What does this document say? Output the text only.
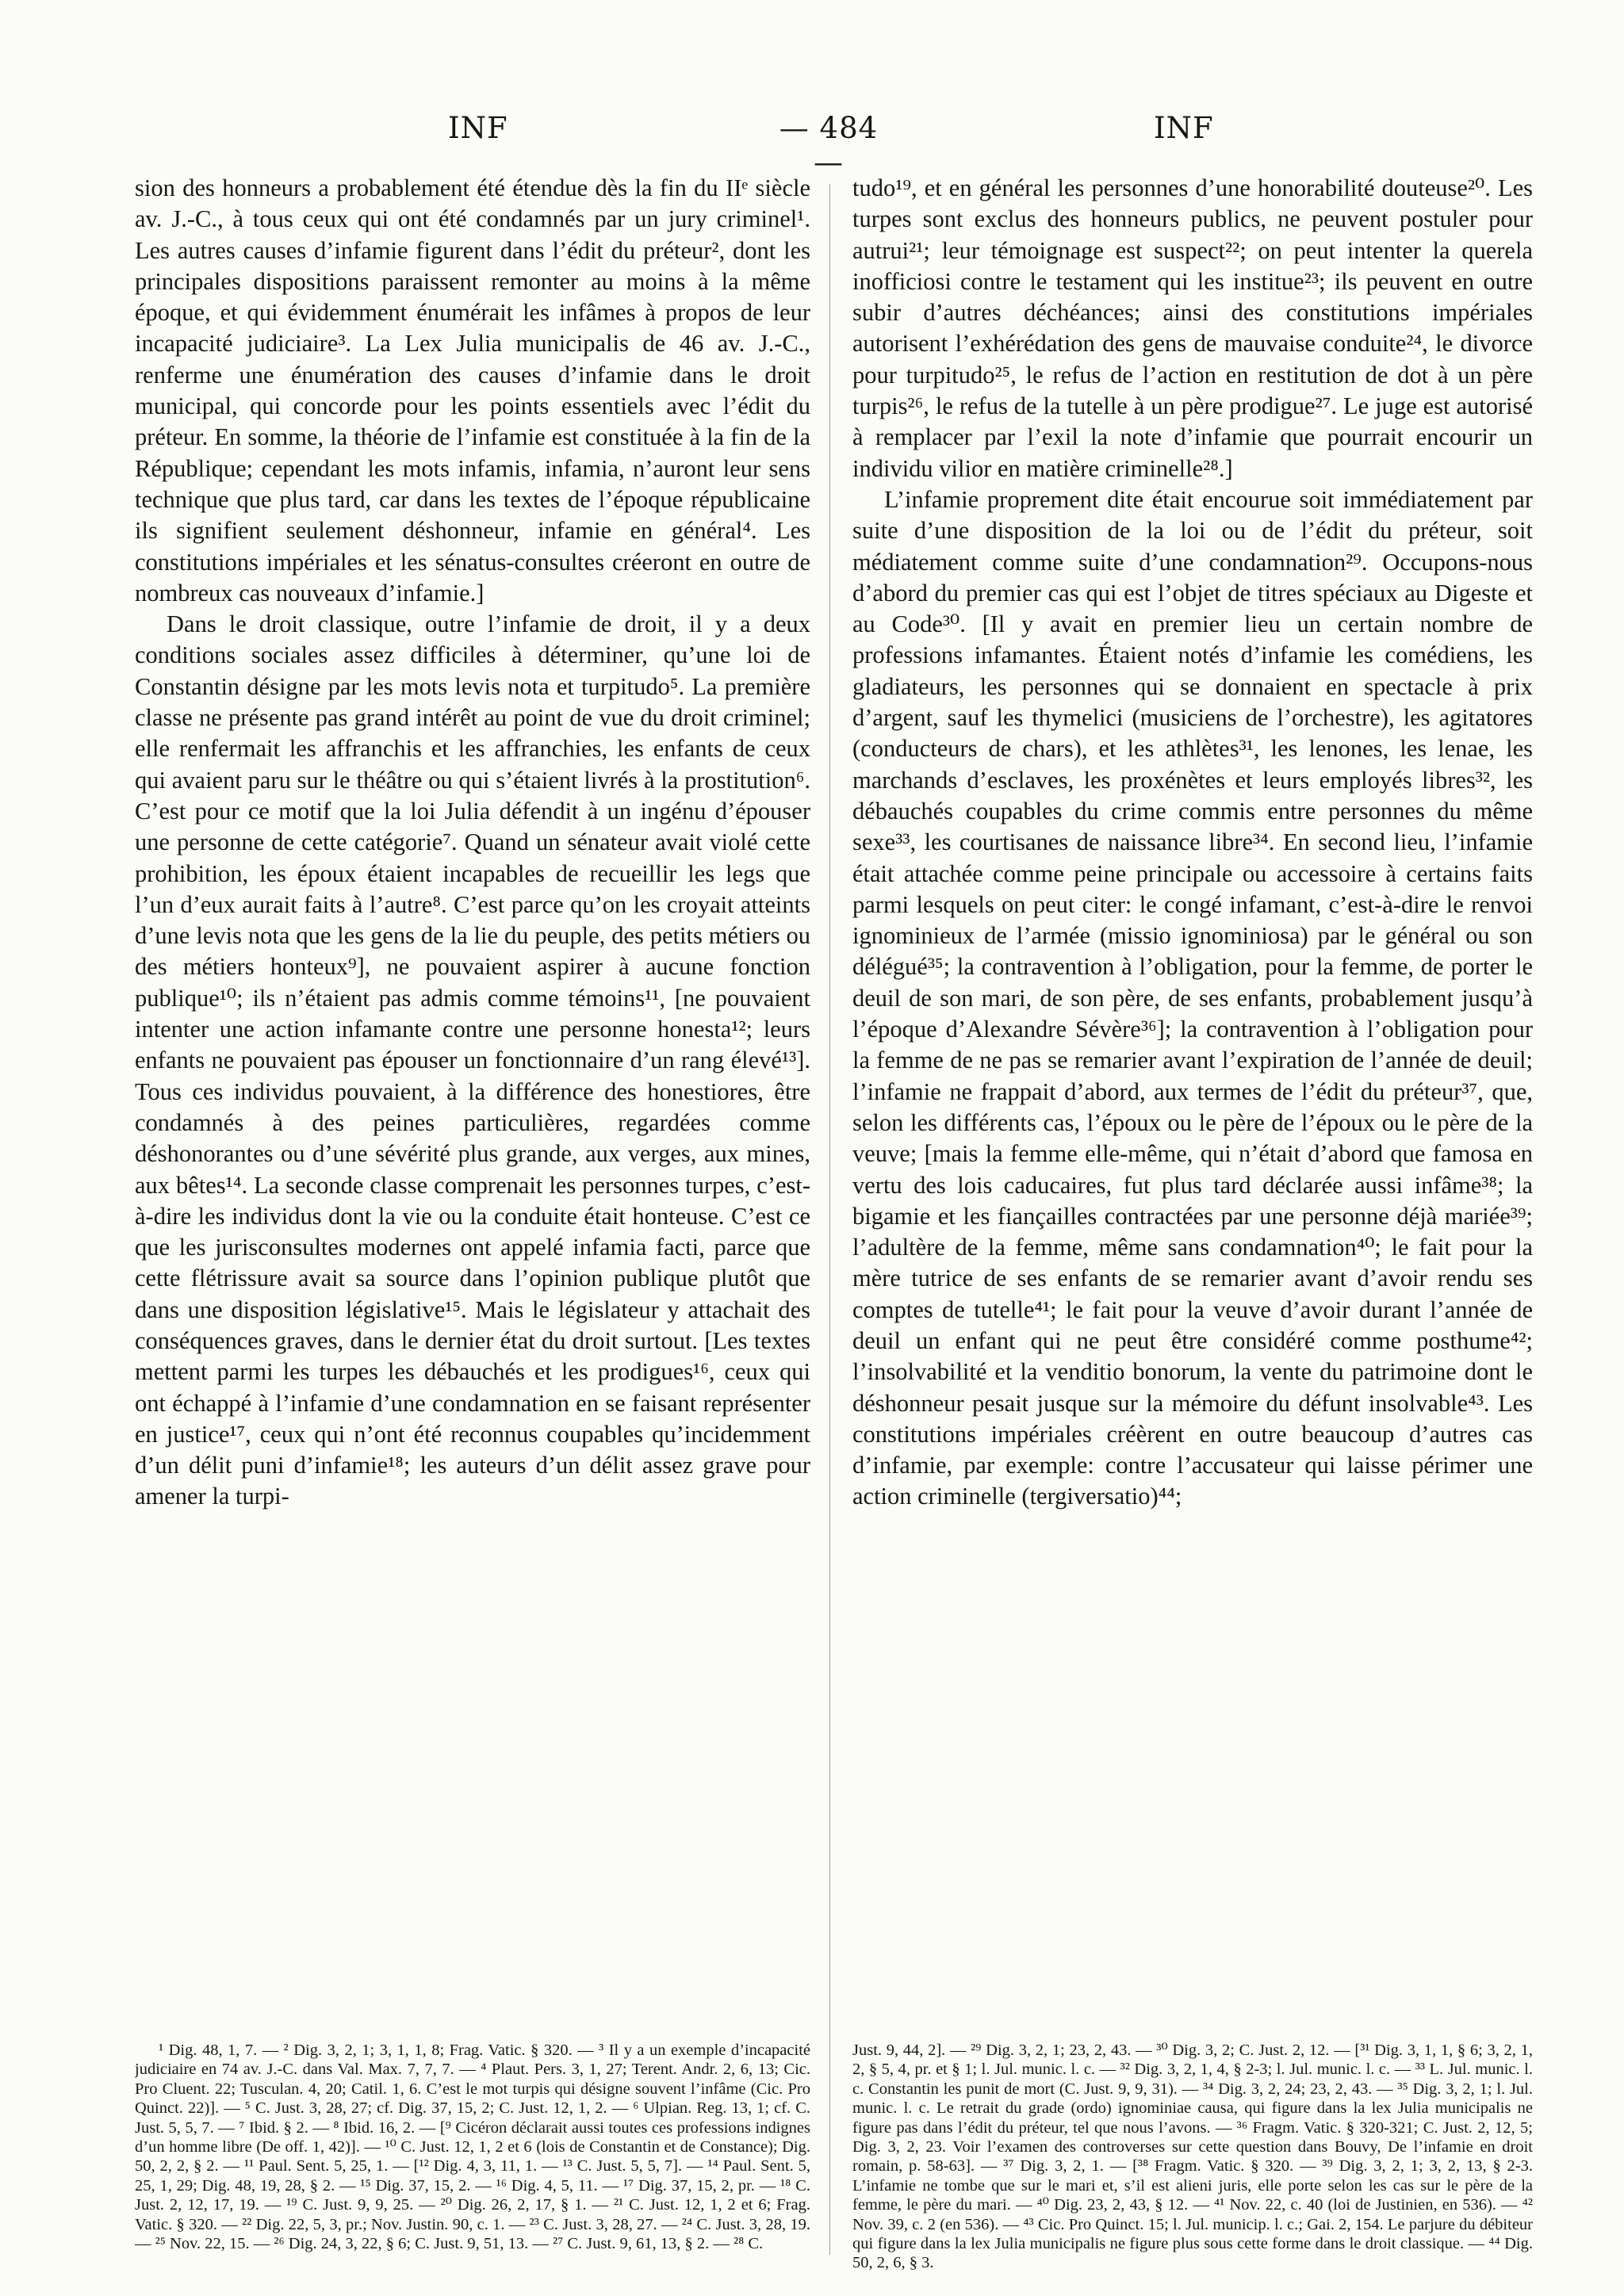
INF	— 484 —
INF

sion des honneurs a probablement été étendue dès la fin du IIᵉ siècle av. J.-C., à tous ceux qui ont été condamnés par un jury criminel¹. Les autres causes d’infamie figurent dans l’édit du préteur², dont les principales dispositions paraissent remonter au moins à la même époque, et qui évidemment énumérait les infâmes à propos de leur incapacité judiciaire³. La Lex Julia municipalis de 46 av. J.-C., renferme une énumération des causes d’infamie dans le droit municipal, qui concorde pour les points essentiels avec l’édit du préteur. En somme, la théorie de l’infamie est constituée à la fin de la République; cependant les mots infamis, infamia, n’auront leur sens technique que plus tard, car dans les textes de l’époque républicaine ils signifient seulement déshonneur, infamie en général⁴. Les constitutions impériales et les sénatus-consultes créeront en outre de nombreux cas nouveaux d’infamie.]

Dans le droit classique, outre l’infamie de droit, il y a deux conditions sociales assez difficiles à déterminer, qu’une loi de Constantin désigne par les mots levis nota et turpitudo⁵. La première classe ne présente pas grand intérêt au point de vue du droit criminel; elle renfermait les affranchis et les affranchies, les enfants de ceux qui avaient paru sur le théâtre ou qui s’étaient livrés à la prostitution⁶. C’est pour ce motif que la loi Julia défendit à un ingénu d’épouser une personne de cette catégorie⁷. Quand un sénateur avait violé cette prohibition, les époux étaient incapables de recueillir les legs que l’un d’eux aurait faits à l’autre⁸. C’est parce qu’on les croyait atteints d’une levis nota que les gens de la lie du peuple, des petits métiers ou des métiers honteux⁹], ne pouvaient aspirer à aucune fonction publique¹⁰; ils n’étaient pas admis comme témoins¹¹, [ne pouvaient intenter une action infamante contre une personne honesta¹²; leurs enfants ne pouvaient pas épouser un fonctionnaire d’un rang élevé¹³]. Tous ces individus pouvaient, à la différence des honestiores, être condamnés à des peines particulières, regardées comme déshonorantes ou d’une sévérité plus grande, aux verges, aux mines, aux bêtes¹⁴. La seconde classe comprenait les personnes turpes, c’est-à-dire les individus dont la vie ou la conduite était honteuse. C’est ce que les jurisconsultes modernes ont appelé infamia facti, parce que cette flétrissure avait sa source dans l’opinion publique plutôt que dans une disposition législative¹⁵. Mais le législateur y attachait des conséquences graves, dans le dernier état du droit surtout. [Les textes mettent parmi les turpes les débauchés et les prodigues¹⁶, ceux qui ont échappé à l’infamie d’une condamnation en se faisant représenter en justice¹⁷, ceux qui n’ont été reconnus coupables qu’incidemment d’un délit puni d’infamie¹⁸; les auteurs d’un délit assez grave pour amener la turpi-

tudo¹⁹, et en général les personnes d’une honorabilité douteuse²⁰. Les turpes sont exclus des honneurs publics, ne peuvent postuler pour autrui²¹; leur témoignage est suspect²²; on peut intenter la querela inofficiosi contre le testament qui les institue²³; ils peuvent en outre subir d’autres déchéances; ainsi des constitutions impériales autorisent l’exhérédation des gens de mauvaise conduite²⁴, le divorce pour turpitudo²⁵, le refus de l’action en restitution de dot à un père turpis²⁶, le refus de la tutelle à un père prodigue²⁷. Le juge est autorisé à remplacer par l’exil la note d’infamie que pourrait encourir un individu vilior en matière criminelle²⁸.]

L’infamie proprement dite était encourue soit immédiatement par suite d’une disposition de la loi ou de l’édit du préteur, soit médiatement comme suite d’une condamnation²⁹. Occupons-nous d’abord du premier cas qui est l’objet de titres spéciaux au Digeste et au Code³⁰. [Il y avait en premier lieu un certain nombre de professions infamantes. Étaient notés d’infamie les comédiens, les gladiateurs, les personnes qui se donnaient en spectacle à prix d’argent, sauf les thymelici (musiciens de l’orchestre), les agitatores (conducteurs de chars), et les athlètes³¹, les lenones, les lenae, les marchands d’esclaves, les proxénètes et leurs employés libres³², les débauchés coupables du crime commis entre personnes du même sexe³³, les courtisanes de naissance libre³⁴. En second lieu, l’infamie était attachée comme peine principale ou accessoire à certains faits parmi lesquels on peut citer: le congé infamant, c’est-à-dire le renvoi ignominieux de l’armée (missio ignominiosa) par le général ou son délégué³⁵; la contravention à l’obligation, pour la femme, de porter le deuil de son mari, de son père, de ses enfants, probablement jusqu’à l’époque d’Alexandre Sévère³⁶]; la contravention à l’obligation pour la femme de ne pas se remarier avant l’expiration de l’année de deuil; l’infamie ne frappait d’abord, aux termes de l’édit du préteur³⁷, que, selon les différents cas, l’époux ou le père de l’époux ou le père de la veuve; [mais la femme elle-même, qui n’était d’abord que famosa en vertu des lois caducaires, fut plus tard déclarée aussi infâme³⁸; la bigamie et les fiançailles contractées par une personne déjà mariée³⁹; l’adultère de la femme, même sans condamnation⁴⁰; le fait pour la mère tutrice de ses enfants de se remarier avant d’avoir rendu ses comptes de tutelle⁴¹; le fait pour la veuve d’avoir durant l’année de deuil un enfant qui ne peut être considéré comme posthume⁴²; l’insolvabilité et la venditio bonorum, la vente du patrimoine dont le déshonneur pesait jusque sur la mémoire du défunt insolvable⁴³. Les constitutions impériales créèrent en outre beaucoup d’autres cas d’infamie, par exemple: contre l’accusateur qui laisse périmer une action criminelle (tergiversatio)⁴⁴;

¹ Dig. 48, 1, 7. — ² Dig. 3, 2, 1; 3, 1, 1, 8; Frag. Vatic. § 320. — ³ Il y a un exemple d’incapacité judiciaire en 74 av. J.-C. dans Val. Max. 7, 7, 7. — ⁴ Plaut. Pers. 3, 1, 27; Terent. Andr. 2, 6, 13; Cic. Pro Cluent. 22; Tusculan. 4, 20; Catil. 1, 6. C’est le mot turpis qui désigne souvent l’infâme (Cic. Pro Quinct. 22)]. — ⁵ C. Just. 3, 28, 27; cf. Dig. 37, 15, 2; C. Just. 12, 1, 2. — ⁶ Ulpian. Reg. 13, 1; cf. C. Just. 5, 5, 7. — ⁷ Ibid. § 2. — ⁸ Ibid. 16, 2. — [⁹ Cicéron déclarait aussi toutes ces professions indignes d’un homme libre (De off. 1, 42)]. — ¹⁰ C. Just. 12, 1, 2 et 6 (lois de Constantin et de Constance); Dig. 50, 2, 2, § 2. — ¹¹ Paul. Sent. 5, 25, 1. — [¹² Dig. 4, 3, 11, 1. — ¹³ C. Just. 5, 5, 7]. — ¹⁴ Paul. Sent. 5, 25, 1, 29; Dig. 48, 19, 28, § 2. — ¹⁵ Dig. 37, 15, 2. — ¹⁶ Dig. 4, 5, 11. — ¹⁷ Dig. 37, 15, 2, pr. — ¹⁸ C. Just. 2, 12, 17, 19. — ¹⁹ C. Just. 9, 9, 25. — ²⁰ Dig. 26, 2, 17, § 1. — ²¹ C. Just. 12, 1, 2 et 6; Frag. Vatic. § 320. — ²² Dig. 22, 5, 3, pr.; Nov. Justin. 90, c. 1. — ²³ C. Just. 3, 28, 27. — ²⁴ C. Just. 3, 28, 19. — ²⁵ Nov. 22, 15. — ²⁶ Dig. 24, 3, 22, § 6; C. Just. 9, 51, 13. — ²⁷ C. Just. 9, 61, 13, § 2. — ²⁸ C.

Just. 9, 44, 2]. — ²⁹ Dig. 3, 2, 1; 23, 2, 43. — ³⁰ Dig. 3, 2; C. Just. 2, 12. — [³¹ Dig. 3, 1, 1, § 6; 3, 2, 1, 2, § 5, 4, pr. et § 1; l. Jul. munic. l. c. — ³² Dig. 3, 2, 1, 4, § 2-3; l. Jul. munic. l. c. — ³³ L. Jul. munic. l. c. Constantin les punit de mort (C. Just. 9, 9, 31). — ³⁴ Dig. 3, 2, 24; 23, 2, 43. — ³⁵ Dig. 3, 2, 1; l. Jul. munic. l. c. Le retrait du grade (ordo) ignominiae causa, qui figure dans la lex Julia municipalis ne figure pas dans l’édit du préteur, tel que nous l’avons. — ³⁶ Fragm. Vatic. § 320-321; C. Just. 2, 12, 5; Dig. 3, 2, 23. Voir l’examen des controverses sur cette question dans Bouvy, De l’infamie en droit romain, p. 58-63]. — ³⁷ Dig. 3, 2, 1. — [³⁸ Fragm. Vatic. § 320. — ³⁹ Dig. 3, 2, 1; 3, 2, 13, § 2-3. L’infamie ne tombe que sur le mari et, s’il est alieni juris, elle porte selon les cas sur le père de la femme, le père du mari. — ⁴⁰ Dig. 23, 2, 43, § 12. — ⁴¹ Nov. 22, c. 40 (loi de Justinien, en 536). — ⁴² Nov. 39, c. 2 (en 536). — ⁴³ Cic. Pro Quinct. 15; l. Jul. municip. l. c.; Gai. 2, 154. Le parjure du débiteur qui figure dans la lex Julia municipalis ne figure plus sous cette forme dans le droit classique. — ⁴⁴ Dig. 50, 2, 6, § 3.
